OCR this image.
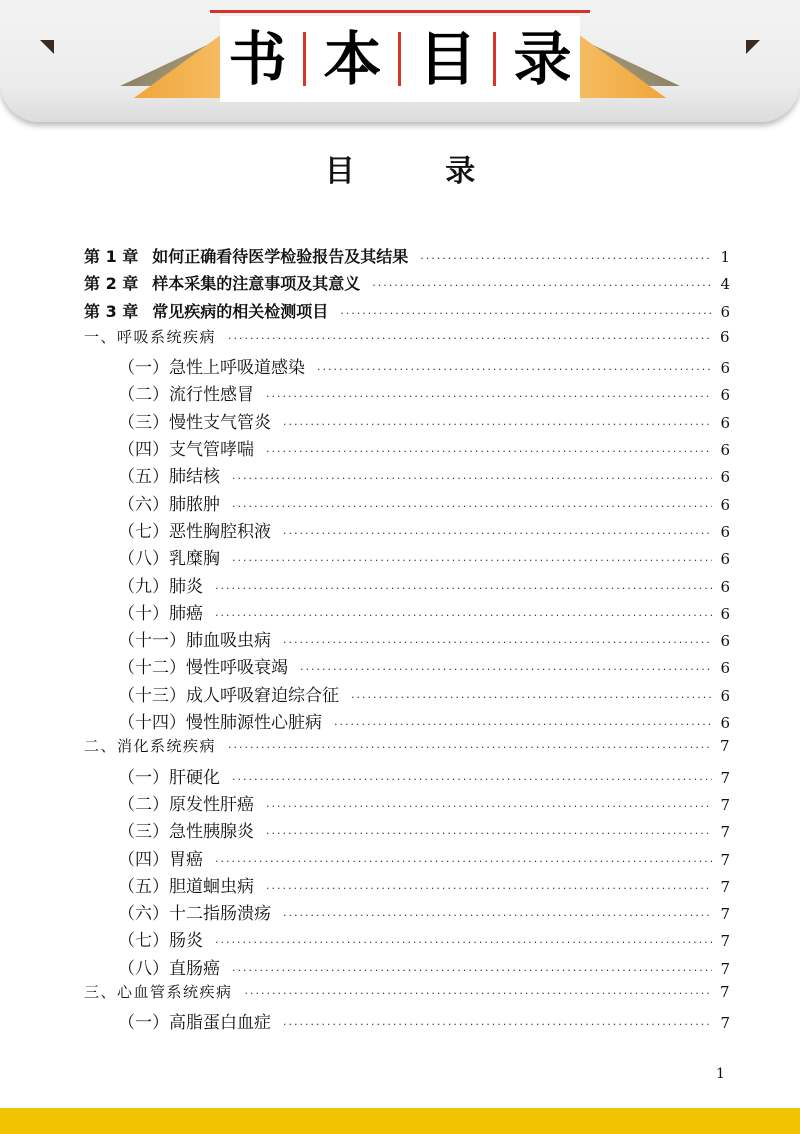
书 本 目 录
目 录
第 1 章 如何正确看待医学检验报告及其结果 ·····	1
第 2 章 样本采集的注意事项及其意义 ·····	4
第 3 章 常见疾病的相关检测项目 ·····	6
一、呼吸系统疾病 ·····	6
（一）急性上呼吸道感染 ·····	6
（二）流行性感冒 ·····	6
（三）慢性支气管炎 ·····	6
（四）支气管哮喘 ·····	6
（五）肺结核 ·····	6
（六）肺脓肿 ·····	6
（七）恶性胸腔积液 ·····	6
（八）乳糜胸 ·····	6
（九）肺炎 ·····	6
（十）肺癌 ·····	6
（十一）肺血吸虫病 ·····	6
（十二）慢性呼吸衰竭 ·····	6
（十三）成人呼吸窘迫综合征 ·····	6
（十四）慢性肺源性心脏病 ·····	6
二、消化系统疾病 ·····	7
（一）肝硬化 ·····	7
（二）原发性肝癌 ·····	7
（三）急性胰腺炎 ·····	7
（四）胃癌 ·····	7
（五）胆道蛔虫病 ·····	7
（六）十二指肠溃疡 ·····	7
（七）肠炎 ·····	7
（八）直肠癌 ·····	7
三、心血管系统疾病 ·····	7
（一）高脂蛋白血症 ·····	7
1
